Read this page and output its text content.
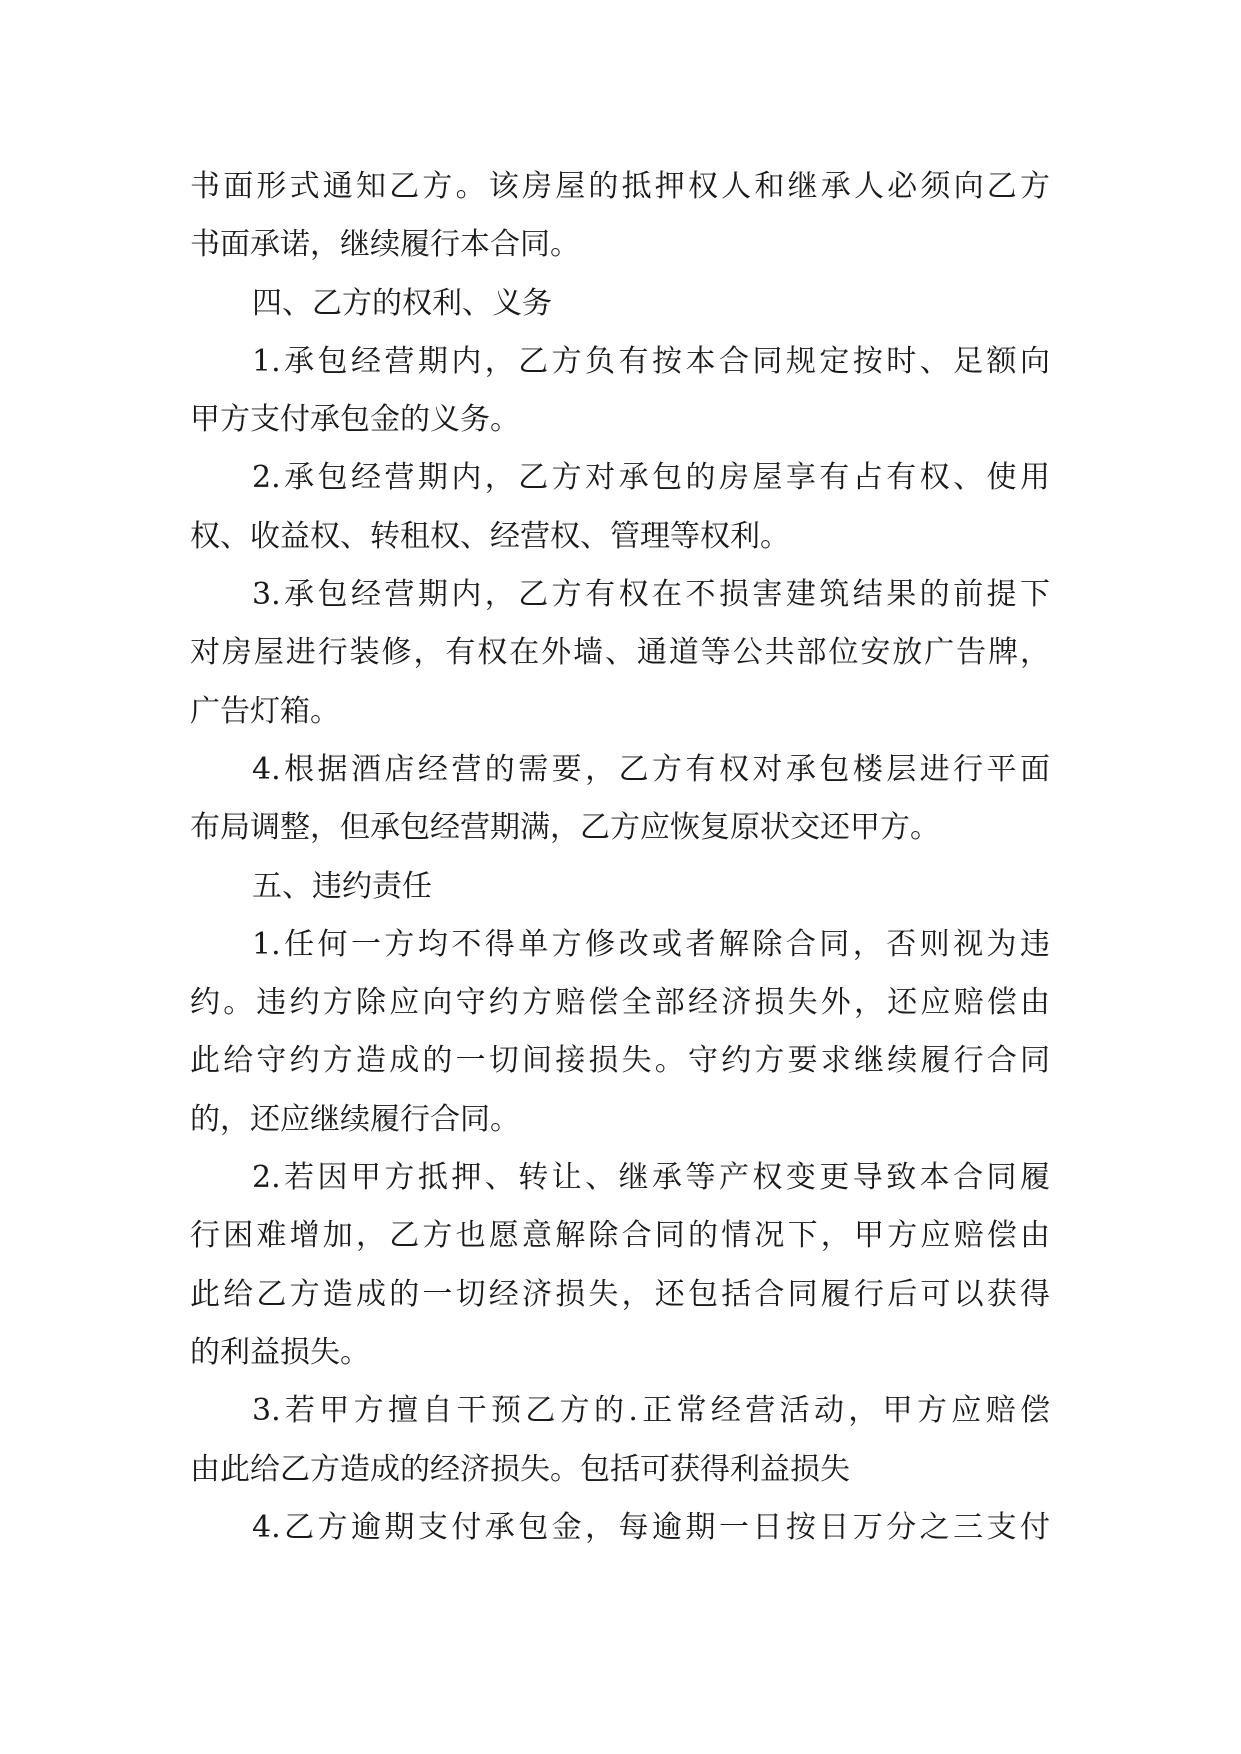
书面形式通知乙方。该房屋的抵押权人和继承人必须向乙方
书面承诺，继续履行本合同。
四、乙方的权利、义务
1.承包经营期内，乙方负有按本合同规定按时、足额向
甲方支付承包金的义务。
2.承包经营期内，乙方对承包的房屋享有占有权、使用
权、收益权、转租权、经营权、管理等权利。
3.承包经营期内，乙方有权在不损害建筑结果的前提下
对房屋进行装修，有权在外墙、通道等公共部位安放广告牌，
广告灯箱。
4.根据酒店经营的需要，乙方有权对承包楼层进行平面
布局调整，但承包经营期满，乙方应恢复原状交还甲方。
五、违约责任
1.任何一方均不得单方修改或者解除合同，否则视为违
约。违约方除应向守约方赔偿全部经济损失外，还应赔偿由
此给守约方造成的一切间接损失。守约方要求继续履行合同
的，还应继续履行合同。
2.若因甲方抵押、转让、继承等产权变更导致本合同履
行困难增加，乙方也愿意解除合同的情况下，甲方应赔偿由
此给乙方造成的一切经济损失，还包括合同履行后可以获得
的利益损失。
3.若甲方擅自干预乙方的.正常经营活动，甲方应赔偿
由此给乙方造成的经济损失。包括可获得利益损失
4.乙方逾期支付承包金，每逾期一日按日万分之三支付
